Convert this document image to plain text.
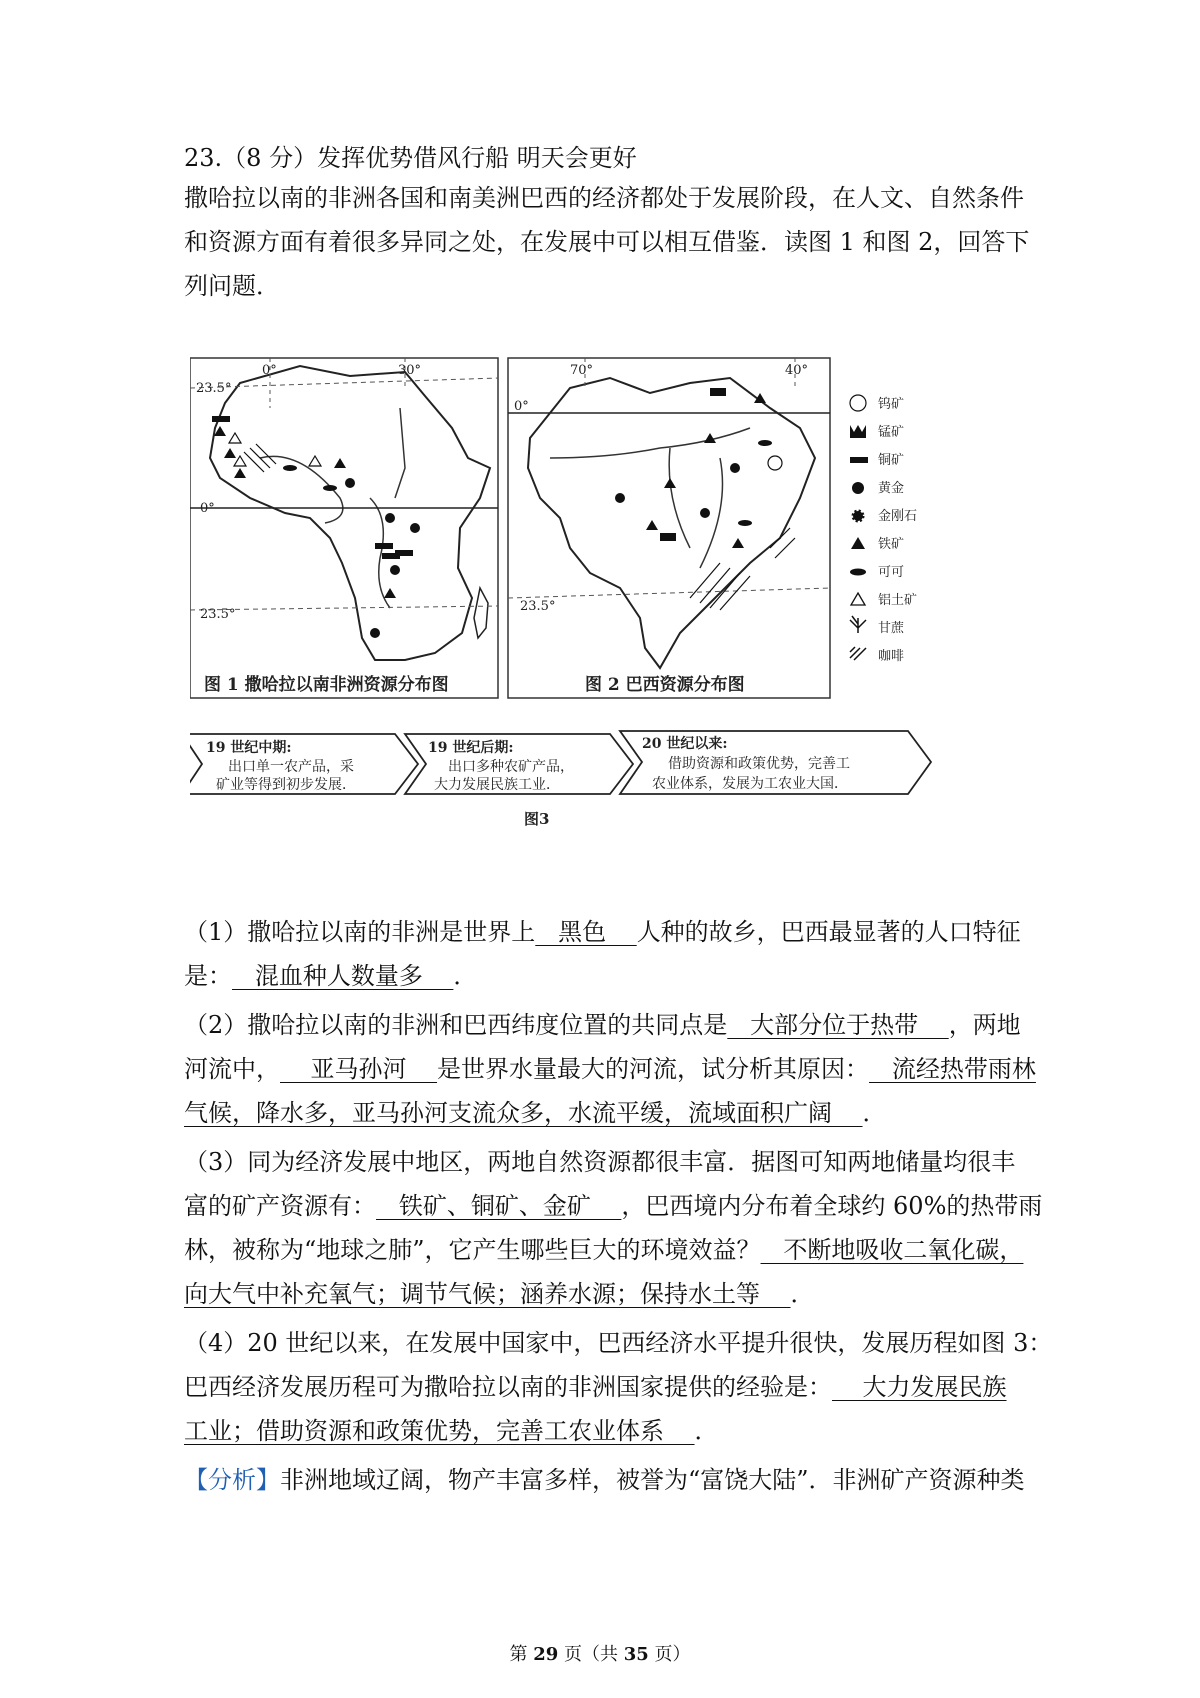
23.（8 分）发挥优势借风行船 明天会更好
撒哈拉以南的非洲各国和南美洲巴西的经济都处于发展阶段，在人文、自然条件
和资源方面有着很多异同之处，在发展中可以相互借鉴．读图 1 和图 2，回答下
列问题．
23.5°
0°	30°
0°
23.5°
70°	40°
0°
23.5°
钨矿
锰矿
铜矿
黄金
金刚石
铁矿
可可
铝土矿
甘蔗
咖啡
图 1 撒哈拉以南非洲资源分布图	图 2 巴西资源分布图
19 世纪中期:
出口单一农产品，采
矿业等得到初步发展．
19 世纪后期:
出口多种农矿产品，
大力发展民族工业．
20 世纪以来:
借助资源和政策优势，完善工
农业体系，发展为工农业大国．
图3
（1）撒哈拉以南的非洲是世界上   黑色    人种的故乡，巴西最显著的人口特征
是：   混血种人数量多    ．
（2）撒哈拉以南的非洲和巴西纬度位置的共同点是   大部分位于热带    ，两地
河流中，    亚马孙河    是世界水量最大的河流，试分析其原因：   流经热带雨林
气候，降水多，亚马孙河支流众多，水流平缓，流域面积广阔    ．
（3）同为经济发展中地区，两地自然资源都很丰富．据图可知两地储量均很丰
富的矿产资源有：   铁矿、铜矿、金矿    ，巴西境内分布着全球约 60%的热带雨
林，被称为“地球之肺”，它产生哪些巨大的环境效益？   不断地吸收二氧化碳，
向大气中补充氧气；调节气候；涵养水源；保持水土等    ．
（4）20 世纪以来，在发展中国家中，巴西经济水平提升很快，发展历程如图 3：
巴西经济发展历程可为撒哈拉以南的非洲国家提供的经验是：    大力发展民族
工业；借助资源和政策优势，完善工农业体系    ．
【分析】非洲地域辽阔，物产丰富多样，被誉为“富饶大陆”．非洲矿产资源种类
第 29 页（共 35 页）
